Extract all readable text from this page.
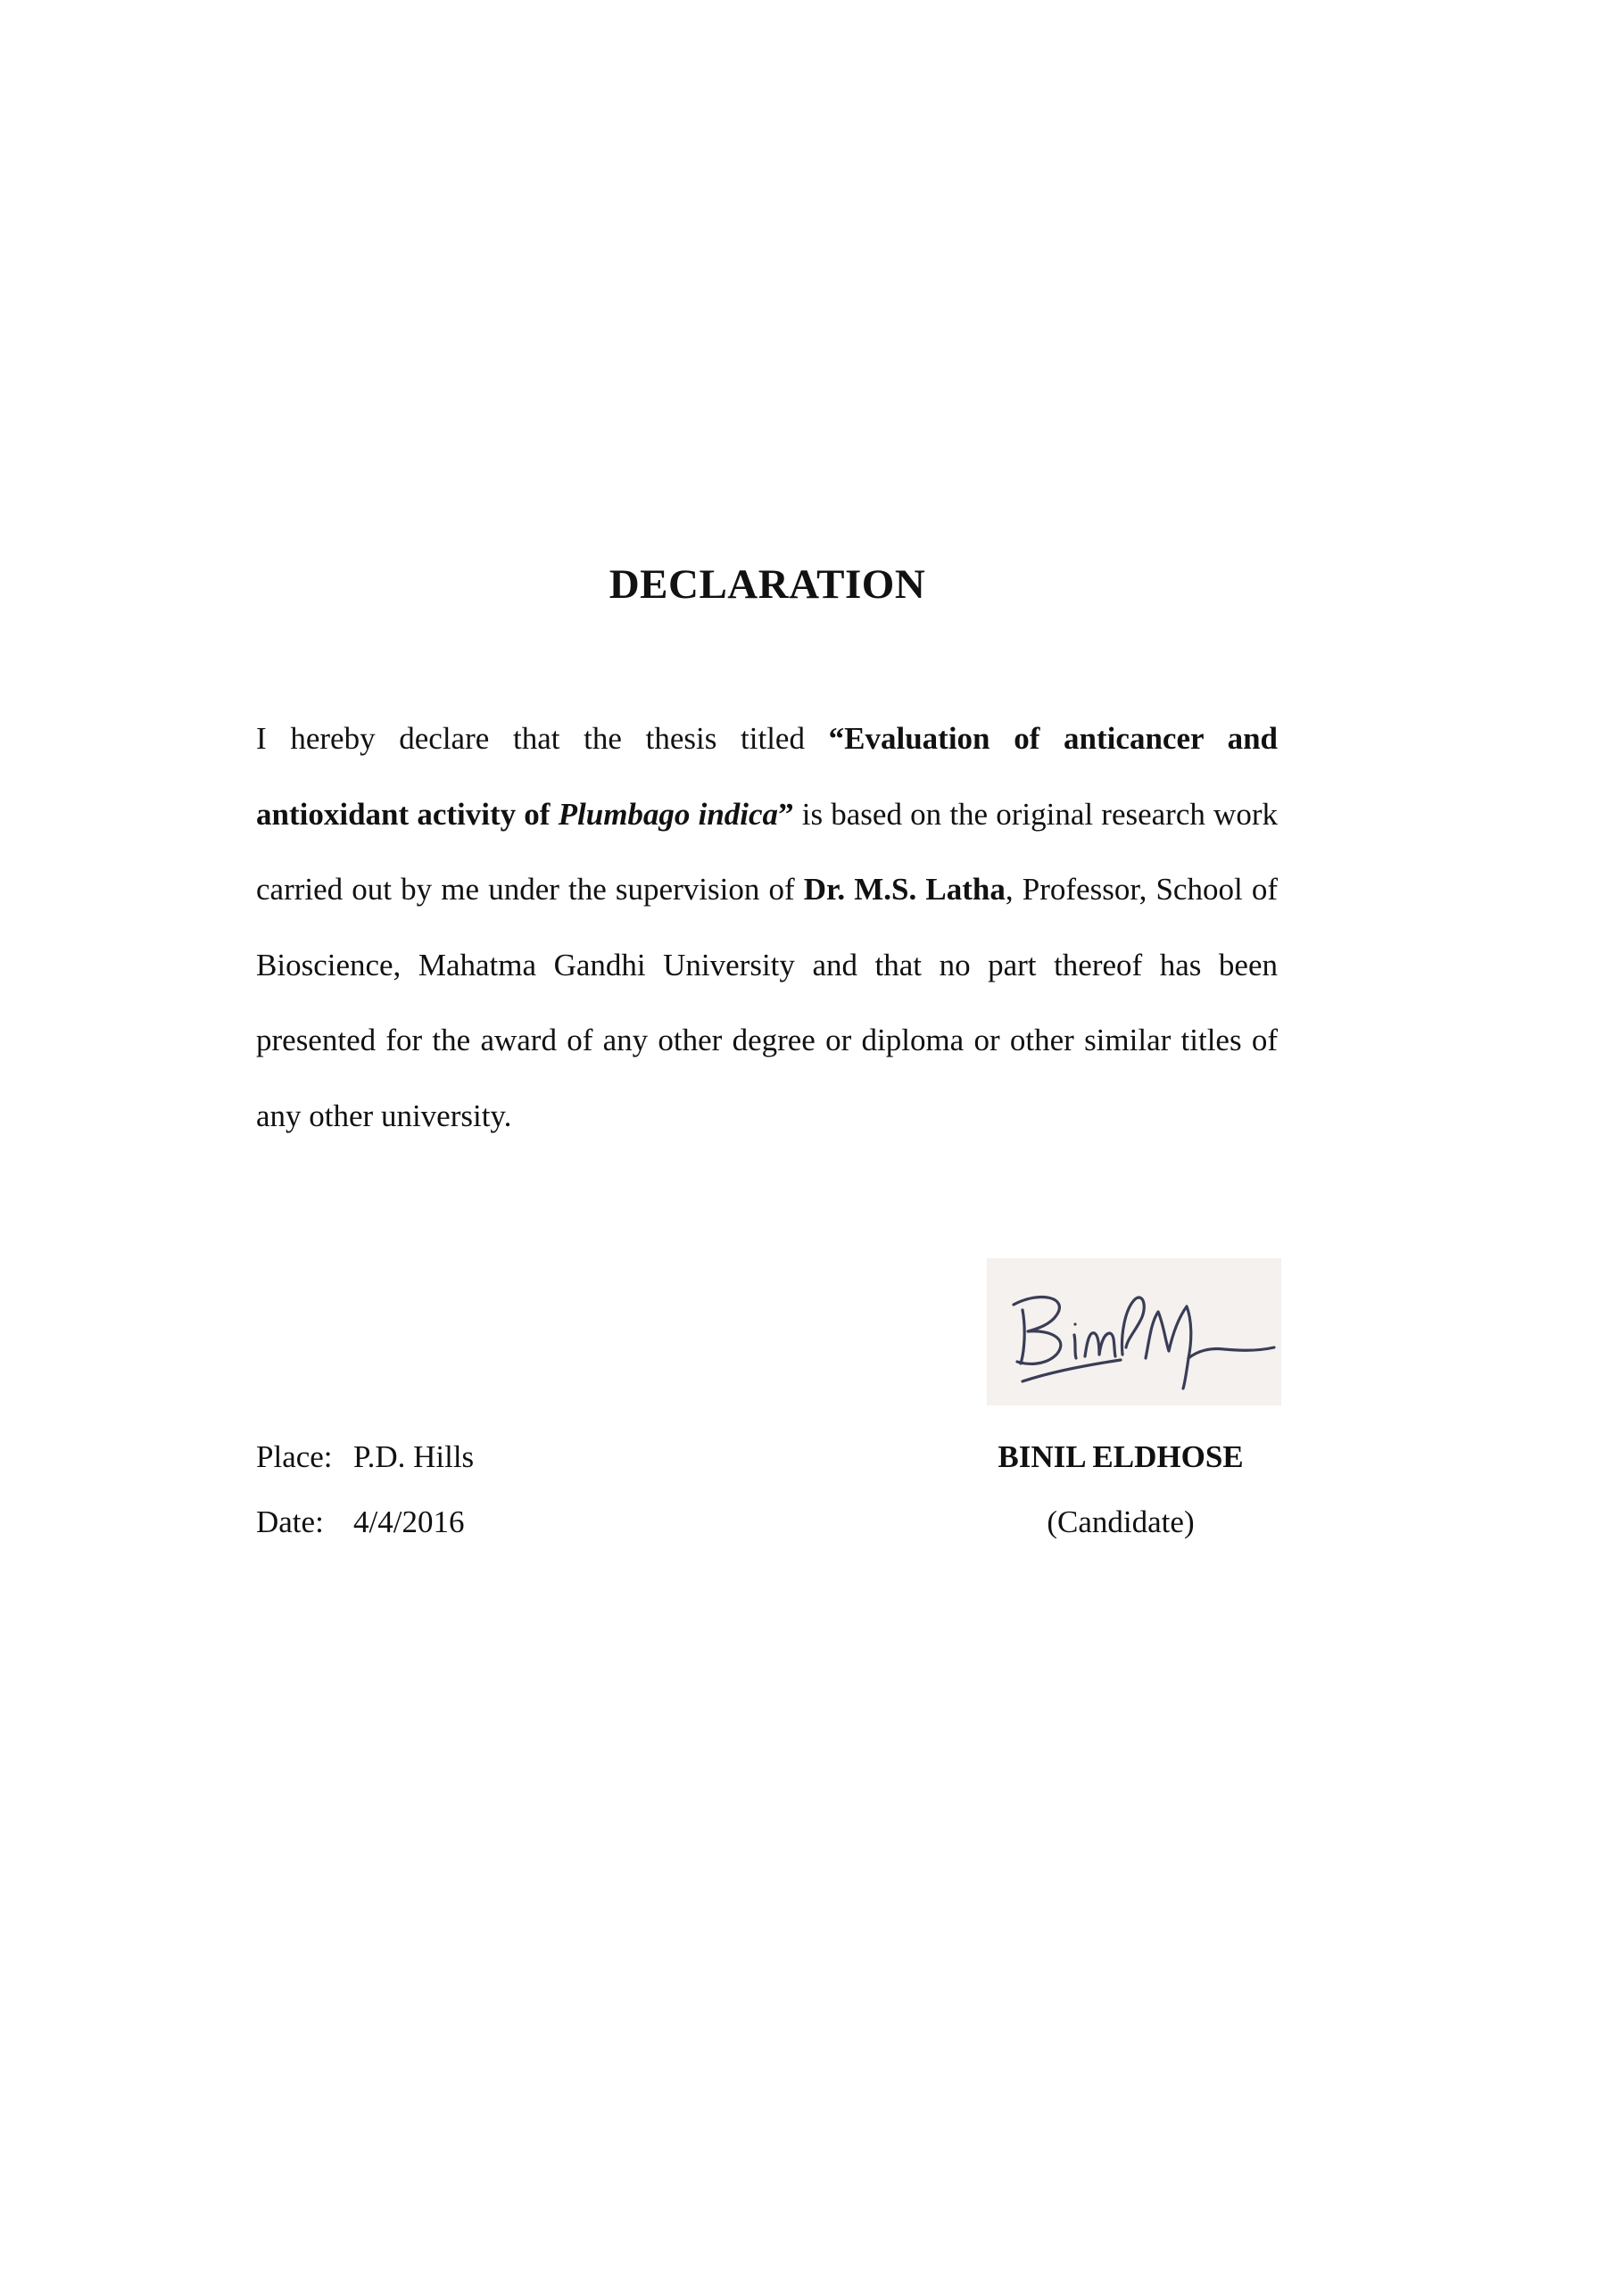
DECLARATION

I hereby declare that the thesis titled “Evaluation of anticancer and antioxidant activity of Plumbago indica” is based on the original research work carried out by me under the supervision of Dr. M.S. Latha, Professor, School of Bioscience, Mahatma Gandhi University and that no part thereof has been presented for the award of any other degree or diploma or other similar titles of any other university.

Place: P.D. Hills
Date: 4/4/2016
BINIL ELDHOSE
(Candidate)
